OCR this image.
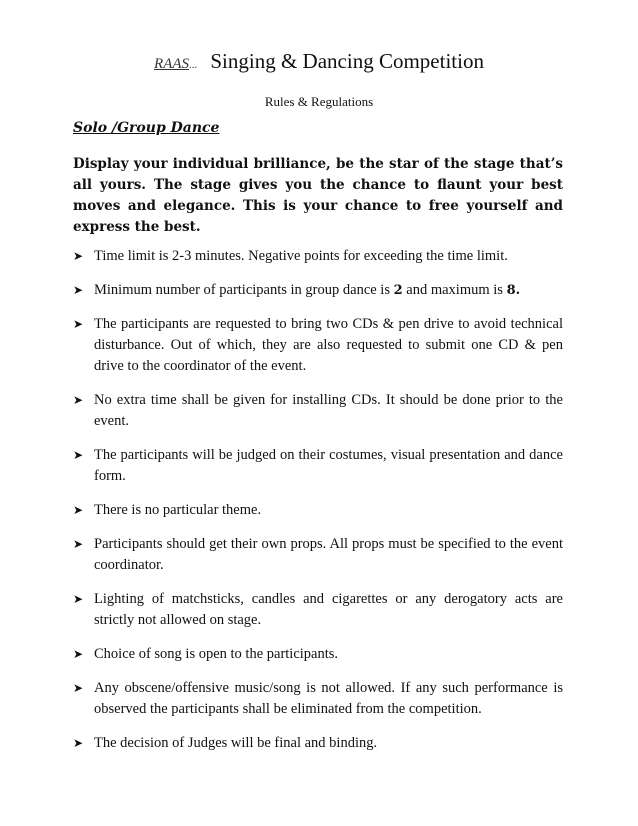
RAAS... Singing & Dancing Competition
Rules & Regulations
Solo /Group Dance

Display your individual brilliance, be the star of the stage that’s all yours. The stage gives you the chance to flaunt your best moves and elegance. This is your chance to free yourself and express the best.

➤ Time limit is 2-3 minutes. Negative points for exceeding the time limit.
➤ Minimum number of participants in group dance is 2 and maximum is 8.
➤ The participants are requested to bring two CDs & pen drive to avoid technical disturbance. Out of which, they are also requested to submit one CD & pen drive to the coordinator of the event.
➤ No extra time shall be given for installing CDs. It should be done prior to the event.
➤ The participants will be judged on their costumes, visual presentation and dance form.
➤ There is no particular theme.
➤ Participants should get their own props. All props must be specified to the event coordinator.
➤ Lighting of matchsticks, candles and cigarettes or any derogatory acts are strictly not allowed on stage.
➤ Choice of song is open to the participants.
➤ Any obscene/offensive music/song is not allowed. If any such performance is observed the participants shall be eliminated from the competition.
➤ The decision of Judges will be final and binding.
